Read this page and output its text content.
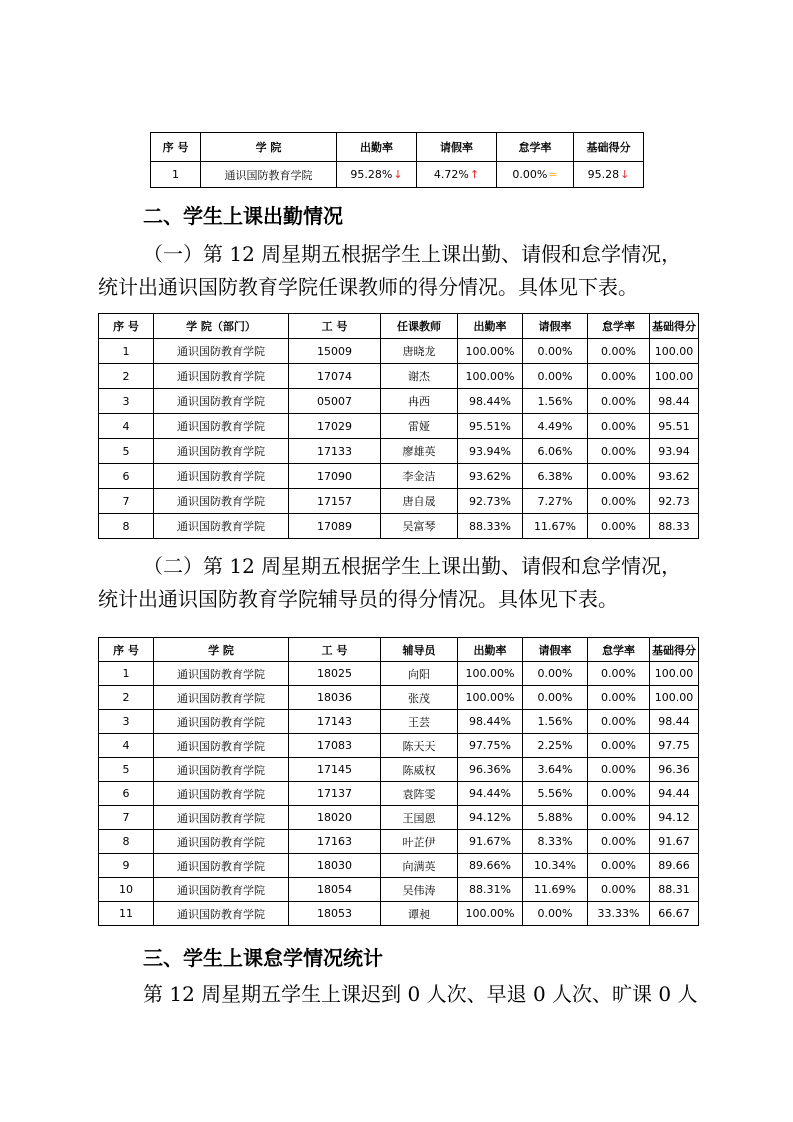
序 号	学 院	出勤率	请假率	怠学率	基础得分
1	通识国防教育学院	95.28%↓	4.72%↑	0.00%=	95.28↓
二、学生上课出勤情况
（一）第 12 周星期五根据学生上课出勤、请假和怠学情况，
统计出通识国防教育学院任课教师的得分情况。具体见下表。
序 号	学 院（部门）	工 号	任课教师	出勤率	请假率	怠学率	基础得分
1	通识国防教育学院	15009	唐晓龙	100.00%	0.00%	0.00%	100.00
2	通识国防教育学院	17074	谢杰	100.00%	0.00%	0.00%	100.00
3	通识国防教育学院	05007	冉西	98.44%	1.56%	0.00%	98.44
4	通识国防教育学院	17029	雷娅	95.51%	4.49%	0.00%	95.51
5	通识国防教育学院	17133	廖雄英	93.94%	6.06%	0.00%	93.94
6	通识国防教育学院	17090	李金洁	93.62%	6.38%	0.00%	93.62
7	通识国防教育学院	17157	唐自晟	92.73%	7.27%	0.00%	92.73
8	通识国防教育学院	17089	吴富琴	88.33%	11.67%	0.00%	88.33
（二）第 12 周星期五根据学生上课出勤、请假和怠学情况，
统计出通识国防教育学院辅导员的得分情况。具体见下表。
序 号	学 院	工 号	辅导员	出勤率	请假率	怠学率	基础得分
1	通识国防教育学院	18025	向阳	100.00%	0.00%	0.00%	100.00
2	通识国防教育学院	18036	张茂	100.00%	0.00%	0.00%	100.00
3	通识国防教育学院	17143	王芸	98.44%	1.56%	0.00%	98.44
4	通识国防教育学院	17083	陈天天	97.75%	2.25%	0.00%	97.75
5	通识国防教育学院	17145	陈威权	96.36%	3.64%	0.00%	96.36
6	通识国防教育学院	17137	袁阵雯	94.44%	5.56%	0.00%	94.44
7	通识国防教育学院	18020	王国恩	94.12%	5.88%	0.00%	94.12
8	通识国防教育学院	17163	叶芷伊	91.67%	8.33%	0.00%	91.67
9	通识国防教育学院	18030	向满英	89.66%	10.34%	0.00%	89.66
10	通识国防教育学院	18054	吴伟涛	88.31%	11.69%	0.00%	88.31
11	通识国防教育学院	18053	谭昶	100.00%	0.00%	33.33%	66.67
三、学生上课怠学情况统计
第 12 周星期五学生上课迟到 0 人次、早退 0 人次、旷课 0 人
